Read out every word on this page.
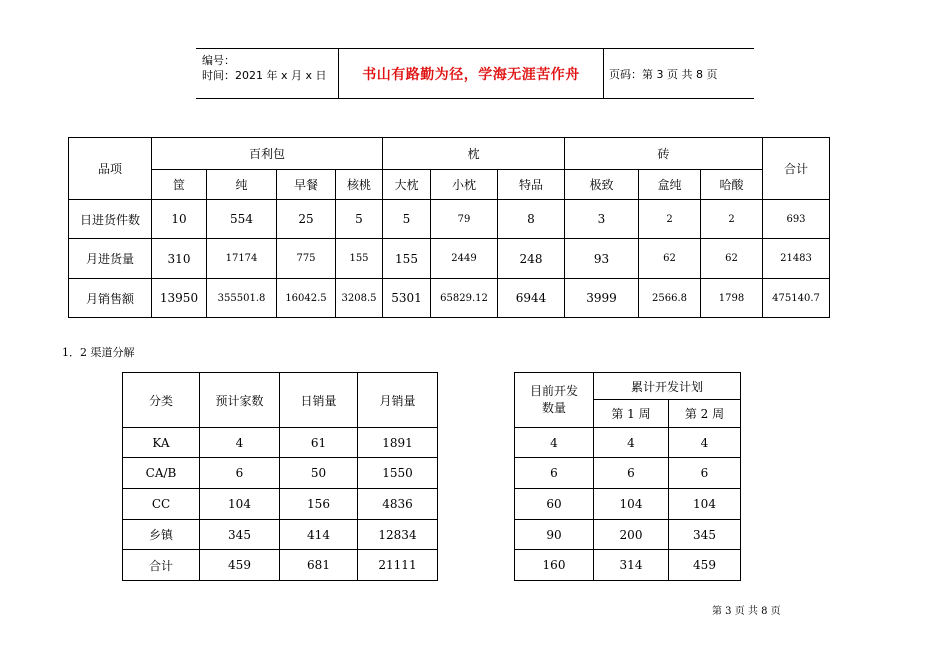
编号：
时间：2021 年 x 月 x 日	书山有路勤为径，学海无涯苦作舟	页码：第 3 页 共 8 页
品项	百利包				枕			砖			合计
	筐	纯	早餐	核桃	大枕	小枕	特品	极致	盒纯	哈酸	
日进货件数	10	554	25	5	5	79	8	3	2	2	693
月进货量	310	17174	775	155	155	2449	248	93	62	62	21483
月销售额	13950	355501.8	16042.5	3208.5	5301	65829.12	6944	3999	2566.8	1798	475140.7
1．2 渠道分解
分类	预计家数	日销量	月销量
KA	4	61	1891
CA/B	6	50	1550
CC	104	156	4836
乡镇	345	414	12834
合计	459	681	21111
目前开发数量	累计开发计划	
	第 1 周	第 2 周
4	4	4
6	6	6
60	104	104
90	200	345
160	314	459
第 3 页 共 8 页
